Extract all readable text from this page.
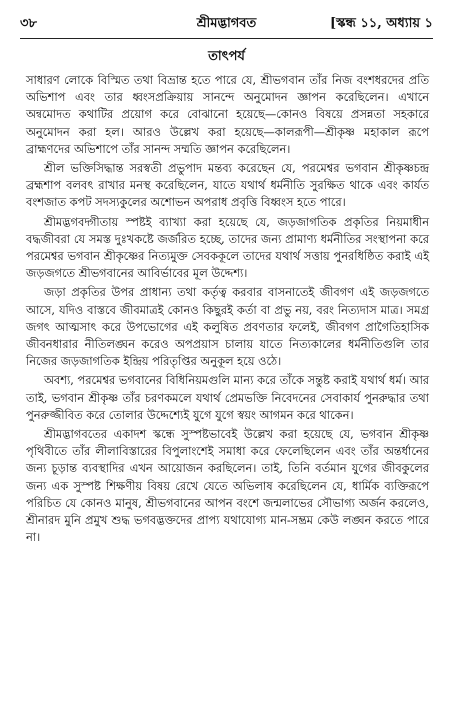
৩৮	শ্রীমদ্ভাগবত	[স্কন্ধ ১১, অধ্যায় ১
তাৎপর্য

সাধারণ লোকে বিস্মিত তথা বিভ্রান্ত হতে পারে যে, শ্রীভগবান তাঁর নিজ বংশধরদের প্রতি অভিশাপ এবং তার ধ্বংসপ্রক্রিয়ায় সানন্দে অনুমোদন জ্ঞাপন করেছিলেন। এখানে অন্বমোদত কথাটির প্রয়োগ করে বোঝানো হয়েছে—কোনও বিষয়ে প্রসন্নতা সহকারে অনুমোদন করা হল। আরও উল্লেখ করা হয়েছে—কালরূপী—শ্রীকৃষ্ণ মহাকাল রূপে ব্রাহ্মণদের অভিশাপে তাঁর সানন্দ সম্মতি জ্ঞাপন করেছিলেন।

শ্রীল ভক্তিসিদ্ধান্ত সরস্বতী প্রভুপাদ মন্তব্য করেছেন যে, পরমেশ্বর ভগবান শ্রীকৃষ্ণচন্দ্র ব্রহ্মশাপ বলবৎ রাখার মনস্থ করেছিলেন, যাতে যথার্থ ধর্মনীতি সুরক্ষিত থাকে এবং কার্যত বংশজাত কপট সদস্যকুলের অশোভন অপরাধ প্রবৃত্তি বিধ্বংস হতে পারে।

শ্রীমদ্ভগবদ্গীতায় স্পষ্টই ব্যাখ্যা করা হয়েছে যে, জড়জাগতিক প্রকৃতির নিয়মাধীন বদ্ধজীবরা যে সমস্ত দুঃখকষ্টে জর্জরিত হচ্ছে, তাদের জন্য প্রামাণ্য ধর্মনীতির সংস্থাপনা করে পরমেশ্বর ভগবান শ্রীকৃষ্ণের নিত্যমুক্ত সেবককূলে তাদের যথার্থ সত্তায় পুনরধিষ্ঠিত করাই এই জড়জগতে শ্রীভগবানের আবির্ভাবের মূল উদ্দেশ্য।

জড়া প্রকৃতির উপর প্রাধান্য তথা কর্তৃত্ব করবার বাসনাতেই জীবগণ এই জড়জগতে আসে, যদিও বাস্তবে জীবমাত্রই কোনও কিছুরই কর্তা বা প্রভু নয়, বরং নিত্যদাস মাত্র। সমগ্র জগৎ আত্মসাৎ করে উপভোগের এই কলুষিত প্রবণতার ফলেই, জীবগণ প্রাগৈতিহাসিক জীবনধারার নীতিলঙ্ঘন করেও অপপ্রয়াস চালায় যাতে নিত্যকালের ধর্মনীতিগুলি তার নিজের জড়জাগতিক ইন্দ্রিয় পরিতৃপ্তির অনুকূল হয়ে ওঠে।

অবশ্য, পরমেশ্বর ভগবানের বিধিনিয়মগুলি মান্য করে তাঁকে সন্তুষ্ট করাই যথার্থ ধর্ম। আর তাই, ভগবান শ্রীকৃষ্ণ তাঁর চরণকমলে যথার্থ প্রেমভক্তি নিবেদনের সেবাকার্য পুনরুদ্ধার তথা পুনরুজ্জীবিত করে তোলার উদ্দেশ্যেই যুগে যুগে স্বয়ং আগমন করে থাকেন।

শ্রীমদ্ভাগবতের একাদশ স্কন্ধে সুস্পষ্টভাবেই উল্লেখ করা হয়েছে যে, ভগবান শ্রীকৃষ্ণ পৃথিবীতে তাঁর লীলাবিস্তারের বিপুলাংশেই সমাধা করে ফেলেছিলেন এবং তাঁর অন্তর্ধানের জন্য চূড়ান্ত ব্যবস্থাদির এখন আয়োজন করছিলেন। তাই, তিনি বর্তমান যুগের জীবকুলের জন্য এক সুস্পষ্ট শিক্ষণীয় বিষয় রেখে যেতে অভিলাষ করেছিলেন যে, ধার্মিক ব্যক্তিরূপে পরিচিত যে কোনও মানুষ, শ্রীভগবানের আপন বংশে জন্মলাভের সৌভাগ্য অর্জন করলেও, শ্রীনারদ মুনি প্রমুখ শুদ্ধ ভগবদ্ভক্তদের প্রাপ্য যথাযোগ্য মান-সম্ভ্রম কেউ লঙ্ঘন করতে পারে না।
